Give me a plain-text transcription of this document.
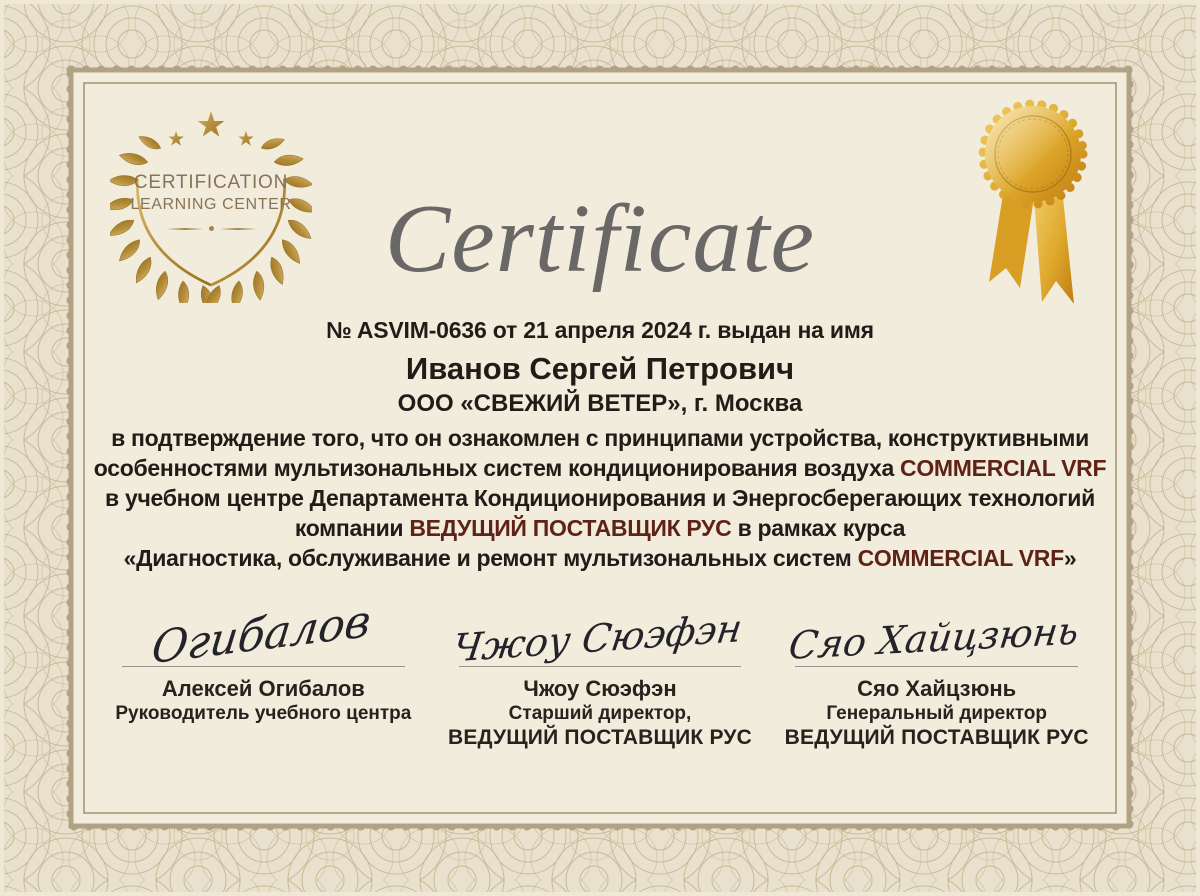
★
★ ★
CERTIFICATION
LEARNING CENTER Certificate
№ ASVIM-0636 от 21 апреля 2024 г. выдан на имя
Иванов Сергей Петрович
ООО «СВЕЖИЙ ВЕТЕР», г. Москва
в подтверждение того, что он ознакомлен с принципами устройства, конструктивными
особенностями мультизональных систем кондиционирования воздуха COMMERCIAL VRF
в учебном центре Департамента Кондиционирования и Энергосберегающих технологий
компании ВЕДУЩИЙ ПОСТАВЩИК РУС в рамках курса
«Диагностика, обслуживание и ремонт мультизональных систем COMMERCIAL VRF»
Огибалов
Алексей Огибалов
Руководитель учебного центра
Чжоу Сюэфэн
Чжоу Сюэфэн
Старший директор,
ВЕДУЩИЙ ПОСТАВЩИК РУС
Сяо Хайцзюнь
Сяо Хайцзюнь
Генеральный директор
ВЕДУЩИЙ ПОСТАВЩИК РУС
